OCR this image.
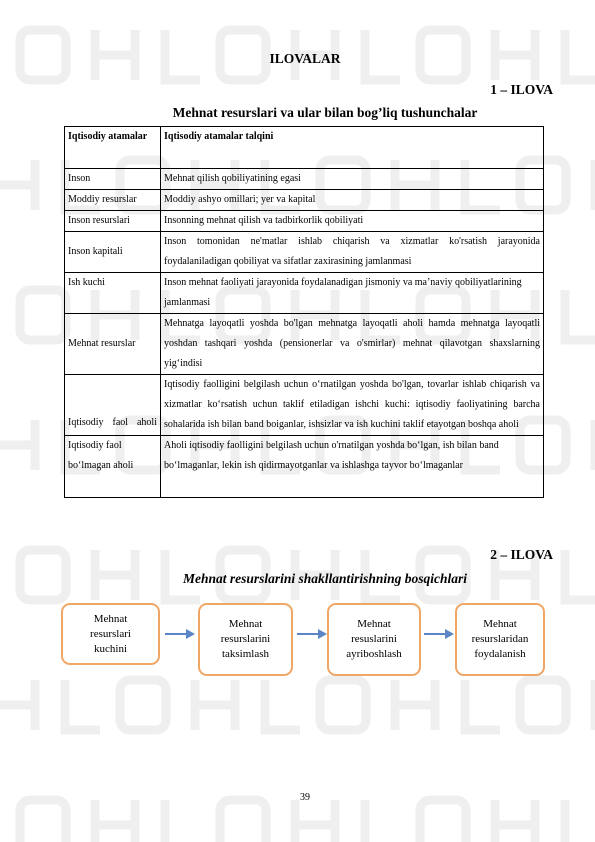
ILOVALAR
1 – ILOVA
Mehnat resurslari va ular bilan bog’liq tushunchalar
Iqtisodiy atamalar	Iqtisodiy atamalar talqini
Inson	Mehnat qilish qobiliyatining egasi
Moddiy resurslar	Moddiy ashyo omillari; yer va kapital
Inson resurslari	Insonning mehnat qilish va tadbirkorlik qobiliyati
Inson kapitali	Inson tomonidan ne'matlar ishlab chiqarish va xizmatlar ko'rsatish jarayonida foydalaniladigan qobiliyat va sifatlar zaxirasining jamlanmasi
Ish kuchi	Inson mehnat faoliyati jarayonida foydalanadigan jismoniy va ma’naviy qobiliyatlarining jamlanmasi
Mehnat resurslar	Mehnatga layoqatli yoshda bo'lgan mehnatga layoqatli aholi hamda mehnatga layoqatli yoshdan tashqari yoshda (pensionerlar va o'smirlar) mehnat qilavotgan shaxslarning yig‘indisi
Iqtisodiy faol aholi	Iqtisodiy faolligini belgilash uchun o‘rnatilgan yoshda bo'lgan, tovarlar ishlab chiqarish va xizmatlar ko‘rsatish uchun taklif etiladigan ishchi kuchi: iqtisodiy faoliyatining barcha sohalarida ish bilan band boiganlar, ishsizlar va ish kuchini taklif etayotgan boshqa aholi
Iqtisodiy faol bo‘lmagan aholi	Aholi iqtisodiy faolligini belgilash uchun o'rnatilgan yoshda bo‘lgan, ish bilan band bo‘lmaganlar, lekin ish qidirmayotganlar va ishlashga tayvor bo‘lmaganlar
2 – ILOVA
Mehnat resurslarini shakllantirishning bosqichlari
Mehnat
resurslari
kuchini
Mehnat
resurslarini
taksimlash
Mehnat
resuslarini
ayriboshlash
Mehnat
resurslaridan
foydalanish
39
